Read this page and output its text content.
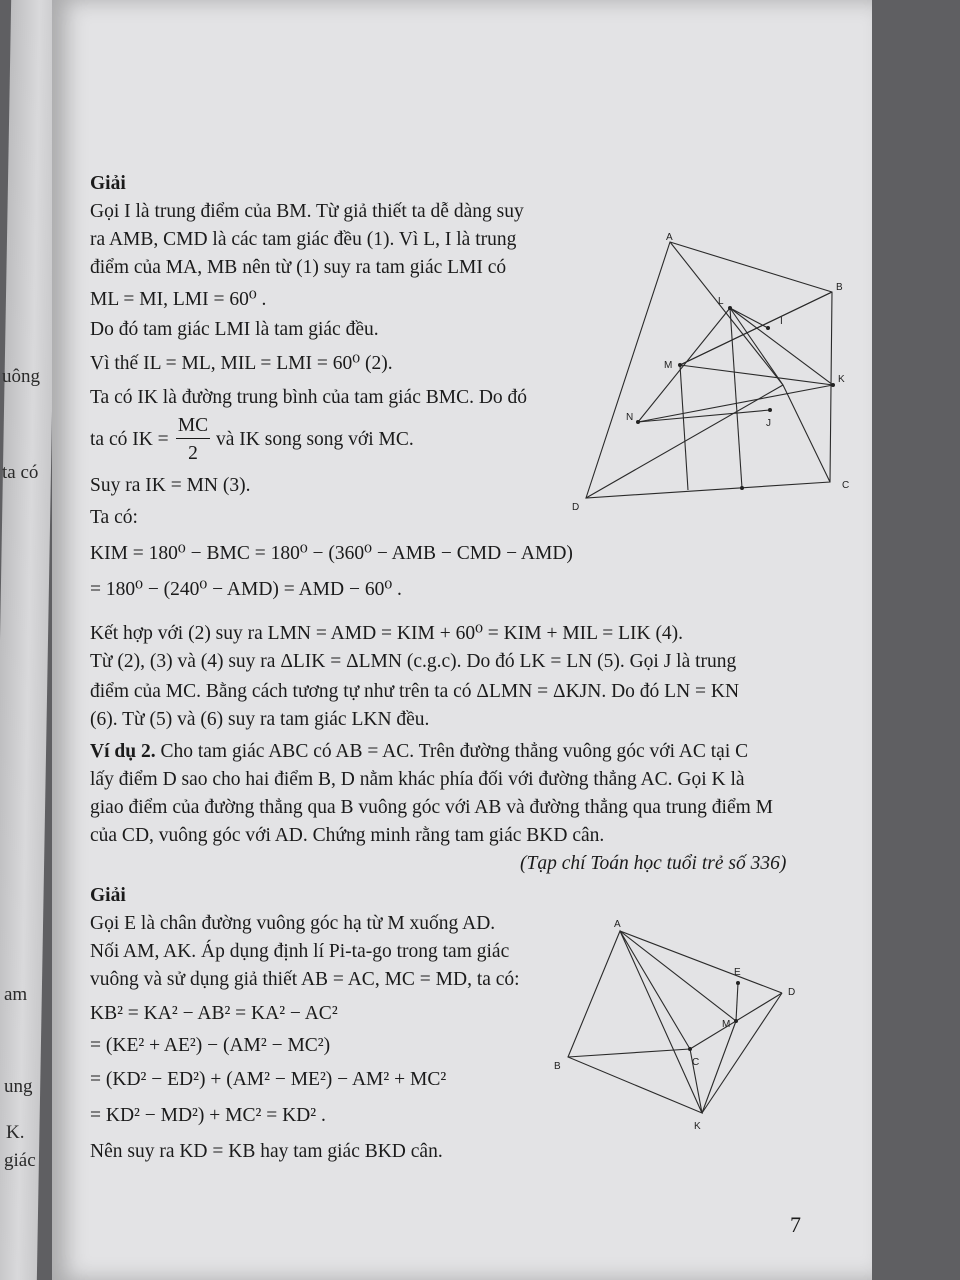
uông
ta có
am
ung
K.
giác
Giải
Gọi I là trung điểm của BM. Từ giả thiết ta dễ dàng suy
ra AMB, CMD là các tam giác đều (1). Vì L, I là trung
điểm của MA, MB nên từ (1) suy ra tam giác LMI có
ML = MI, LMI = 60⁰ .
Do đó tam giác LMI là tam giác đều.
Vì thế IL = ML, MIL = LMI = 60⁰ (2).
Ta có IK là đường trung bình của tam giác BMC. Do đó
ta có IK =
MC
2
và IK song song với MC.
Suy ra IK = MN (3).
Ta có:
KIM = 180⁰ − BMC = 180⁰ − (360⁰ − AMB − CMD − AMD)
= 180⁰ − (240⁰ − AMD) = AMD − 60⁰ .
Kết hợp với (2) suy ra LMN = AMD = KIM + 60⁰ = KIM + MIL = LIK (4).
Từ (2), (3) và (4) suy ra ΔLIK = ΔLMN (c.g.c). Do đó LK = LN (5). Gọi J là trung
điểm của MC. Bằng cách tương tự như trên ta có ΔLMN = ΔKJN. Do đó LN = KN
(6). Từ (5) và (6) suy ra tam giác LKN đều.
Ví dụ 2. Cho tam giác ABC có AB = AC. Trên đường thẳng vuông góc với AC tại C
lấy điểm D sao cho hai điểm B, D nằm khác phía đối với đường thẳng AC. Gọi K là
giao điểm của đường thẳng qua B vuông góc với AB và đường thẳng qua trung điểm M
của CD, vuông góc với AD. Chứng minh rằng tam giác BKD cân.
(Tạp chí Toán học tuổi trẻ số 336)
Giải
Gọi E là chân đường vuông góc hạ từ M xuống AD.
Nối AM, AK. Áp dụng định lí Pi-ta-go trong tam giác
vuông và sử dụng giả thiết AB = AC, MC = MD, ta có:
KB² = KA² − AB² = KA² − AC²
= (KE² + AE²) − (AM² − MC²)
= (KD² − ED²) + (AM² − ME²) − AM² + MC²
= KD² − MD²) + MC² = KD² .
Nên suy ra KD = KB hay tam giác BKD cân.
A
B
L
I
M
K
N
J
C
D
A
E
D
M
B	C
K
7
